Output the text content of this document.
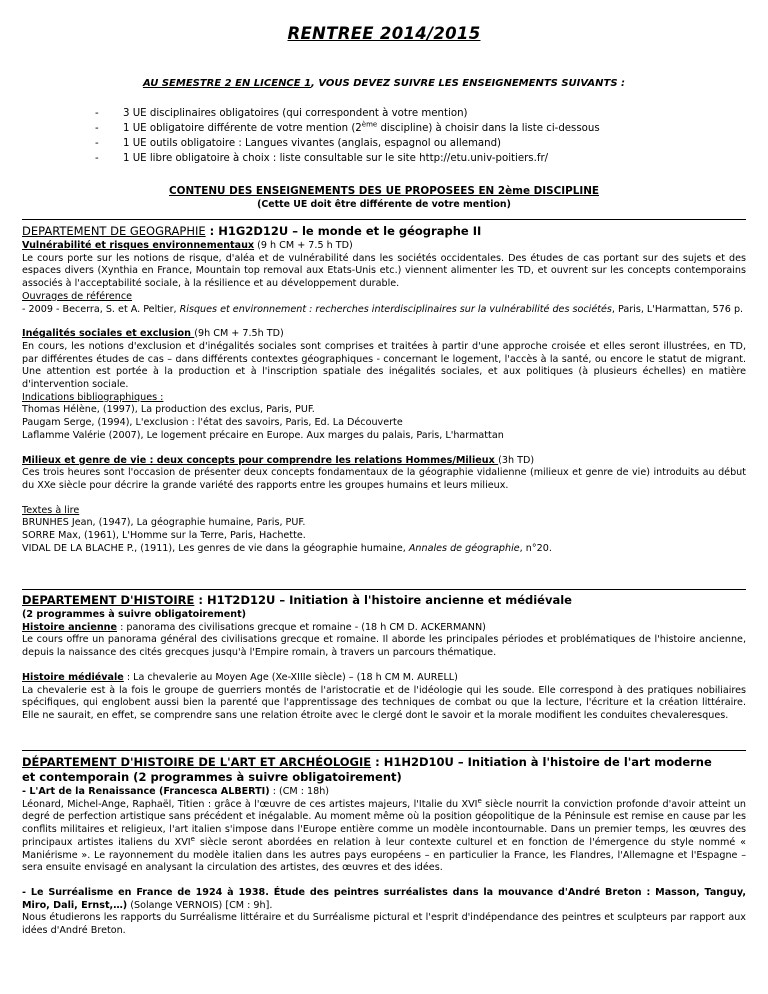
RENTREE 2014/2015
AU SEMESTRE 2 EN LICENCE 1, VOUS DEVEZ SUIVRE LES ENSEIGNEMENTS SUIVANTS :
- 3 UE disciplinaires obligatoires (qui correspondent à votre mention)
- 1 UE obligatoire différente de votre mention (2ème discipline) à choisir dans la liste ci-dessous
- 1 UE outils obligatoire : Langues vivantes (anglais, espagnol ou allemand)
- 1 UE libre obligatoire à choix : liste consultable sur le site http://etu.univ-poitiers.fr/
CONTENU DES ENSEIGNEMENTS DES UE PROPOSEES EN 2ème DISCIPLINE
(Cette UE doit être différente de votre mention)
DEPARTEMENT DE GEOGRAPHIE : H1G2D12U – le monde et le géographe II

Vulnérabilité et risques environnementaux (9 h CM + 7.5 h TD)

Le cours porte sur les notions de risque, d'aléa et de vulnérabilité dans les sociétés occidentales. Des études de cas portant sur des sujets et des espaces divers (Xynthia en France, Mountain top removal aux Etats-Unis etc.) viennent alimenter les TD, et ouvrent sur les concepts contemporains associés à l'acceptabilité sociale, à la résilience et au développement durable.

Ouvrages de référence

- 2009 - Becerra, S. et A. Peltier, Risques et environnement : recherches interdisciplinaires sur la vulnérabilité des sociétés, Paris, L'Harmattan, 576 p.

Inégalités sociales et exclusion (9h CM + 7.5h TD)

En cours, les notions d'exclusion et d'inégalités sociales sont comprises et traitées à partir d'une approche croisée et elles seront illustrées, en TD, par différentes études de cas – dans différents contextes géographiques - concernant le logement, l'accès à la santé, ou encore le statut de migrant. Une attention est portée à la production et à l'inscription spatiale des inégalités sociales, et aux politiques (à plusieurs échelles) en matière d'intervention sociale.

Indications bibliographiques :

Thomas Hélène, (1997), La production des exclus, Paris, PUF.

Paugam Serge, (1994), L'exclusion : l'état des savoirs, Paris, Ed. La Découverte

Laflamme Valérie (2007), Le logement précaire en Europe. Aux marges du palais, Paris, L'harmattan

Milieux et genre de vie : deux concepts pour comprendre les relations Hommes/Milieux (3h TD)

Ces trois heures sont l'occasion de présenter deux concepts fondamentaux de la géographie vidalienne (milieux et genre de vie) introduits au début du XXe siècle pour décrire la grande variété des rapports entre les groupes humains et leurs milieux.

Textes à lire

BRUNHES Jean, (1947), La géographie humaine, Paris, PUF.

SORRE Max, (1961), L'Homme sur la Terre, Paris, Hachette.

VIDAL DE LA BLACHE P., (1911), Les genres de vie dans la géographie humaine, Annales de géographie, n°20.

DEPARTEMENT D'HISTOIRE : H1T2D12U – Initiation à l'histoire ancienne et médiévale

(2 programmes à suivre obligatoirement)

Histoire ancienne : panorama des civilisations grecque et romaine - (18 h CM D. ACKERMANN)

Le cours offre un panorama général des civilisations grecque et romaine. Il aborde les principales périodes et problématiques de l'histoire ancienne, depuis la naissance des cités grecques jusqu'à l'Empire romain, à travers un parcours thématique.

Histoire médiévale : La chevalerie au Moyen Age (Xe-XIIIe siècle) – (18 h CM M. AURELL)

La chevalerie est à la fois le groupe de guerriers montés de l'aristocratie et de l'idéologie qui les soude. Elle correspond à des pratiques nobiliaires spécifiques, qui englobent aussi bien la parenté que l'apprentissage des techniques de combat ou que la lecture, l'écriture et la création littéraire. Elle ne saurait, en effet, se comprendre sans une relation étroite avec le clergé dont le savoir et la morale modifient les conduites chevaleresques.

DÉPARTEMENT D'HISTOIRE DE L'ART ET ARCHÉOLOGIE : H1H2D10U – Initiation à l'histoire de l'art moderne
et contemporain (2 programmes à suivre obligatoirement)

- L'Art de la Renaissance (Francesca ALBERTI) : (CM : 18h)

Léonard, Michel-Ange, Raphaël, Titien : grâce à l'œuvre de ces artistes majeurs, l'Italie du XVIe siècle nourrit la conviction profonde d'avoir atteint un degré de perfection artistique sans précédent et inégalable. Au moment même où la position géopolitique de la Péninsule est remise en cause par les conflits militaires et religieux, l'art italien s'impose dans l'Europe entière comme un modèle incontournable. Dans un premier temps, les œuvres des principaux artistes italiens du XVIe siècle seront abordées en relation à leur contexte culturel et en fonction de l'émergence du style nommé « Maniérisme ». Le rayonnement du modèle italien dans les autres pays européens – en particulier la France, les Flandres, l'Allemagne et l'Espagne – sera ensuite envisagé en analysant la circulation des artistes, des œuvres et des idées.

- Le Surréalisme en France de 1924 à 1938. Étude des peintres surréalistes dans la mouvance d'André Breton : Masson, Tanguy, Miro, Dali, Ernst,…) (Solange VERNOIS) [CM : 9h].

Nous étudierons les rapports du Surréalisme littéraire et du Surréalisme pictural et l'esprit d'indépendance des peintres et sculpteurs par rapport aux idées d'André Breton.
